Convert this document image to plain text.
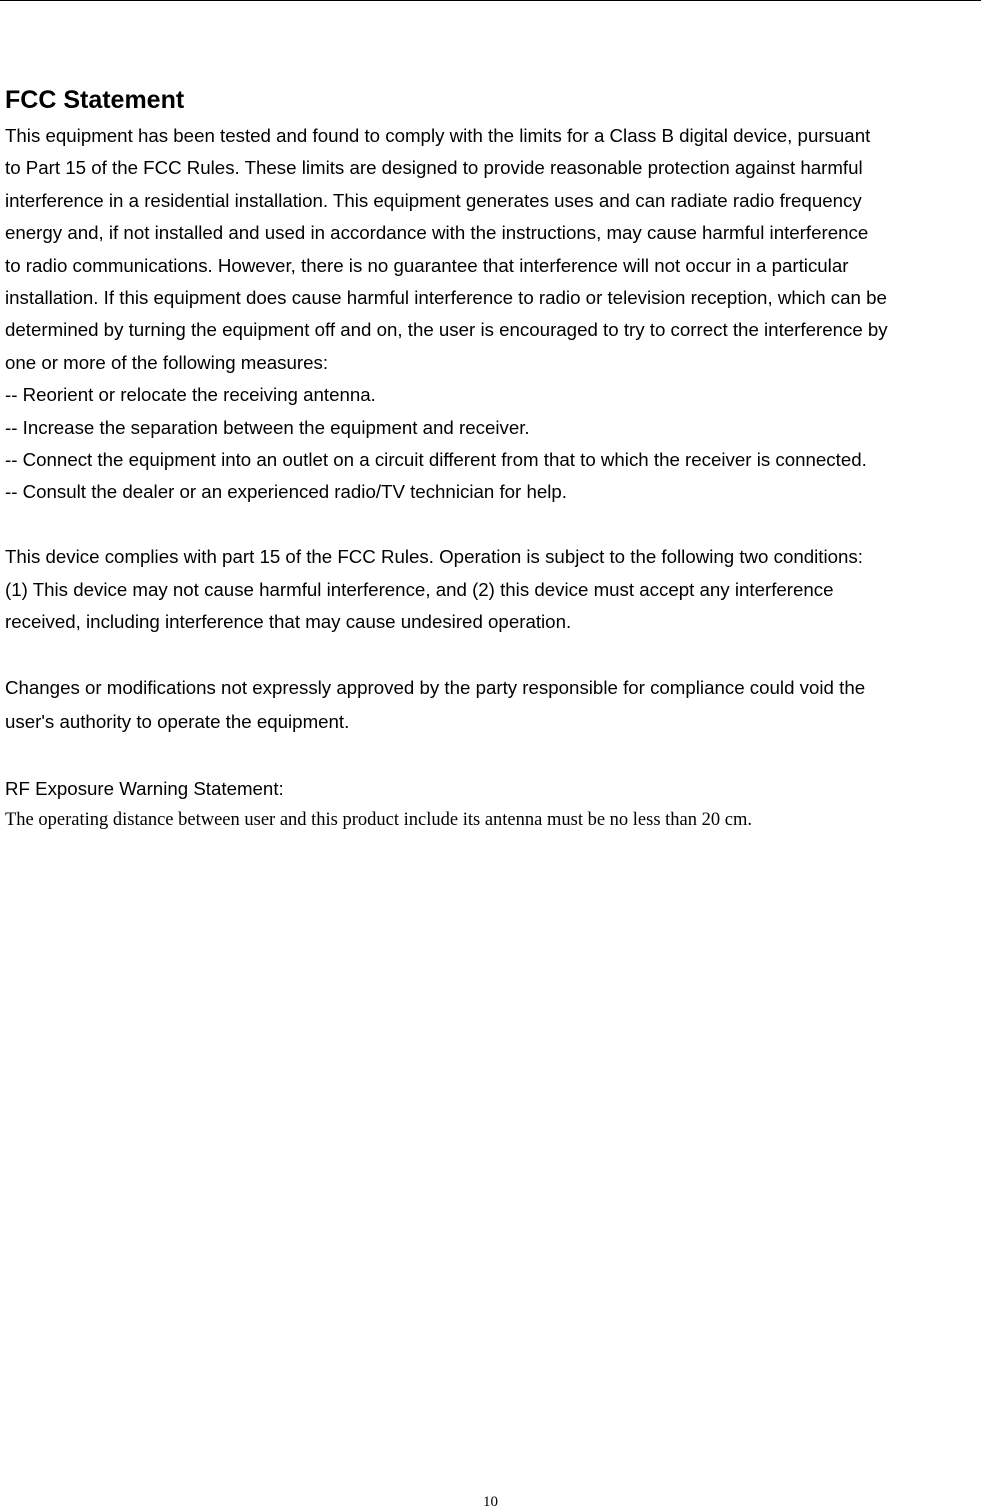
FCC Statement
This equipment has been tested and found to comply with the limits for a Class B digital device, pursuant
to Part 15 of the FCC Rules. These limits are designed to provide reasonable protection against harmful
interference in a residential installation. This equipment generates uses and can radiate radio frequency
energy and, if not installed and used in accordance with the instructions, may cause harmful interference
to radio communications. However, there is no guarantee that interference will not occur in a particular
installation. If this equipment does cause harmful interference to radio or television reception, which can be
determined by turning the equipment off and on, the user is encouraged to try to correct the interference by
one or more of the following measures:
-- Reorient or relocate the receiving antenna.
-- Increase the separation between the equipment and receiver.
-- Connect the equipment into an outlet on a circuit different from that to which the receiver is connected.
-- Consult the dealer or an experienced radio/TV technician for help.
This device complies with part 15 of the FCC Rules. Operation is subject to the following two conditions:
(1) This device may not cause harmful interference, and (2) this device must accept any interference
received, including interference that may cause undesired operation.
Changes or modifications not expressly approved by the party responsible for compliance could void the
user's authority to operate the equipment.
RF Exposure Warning Statement:
The operating distance between user and this product include its antenna must be no less than 20 cm.
10
